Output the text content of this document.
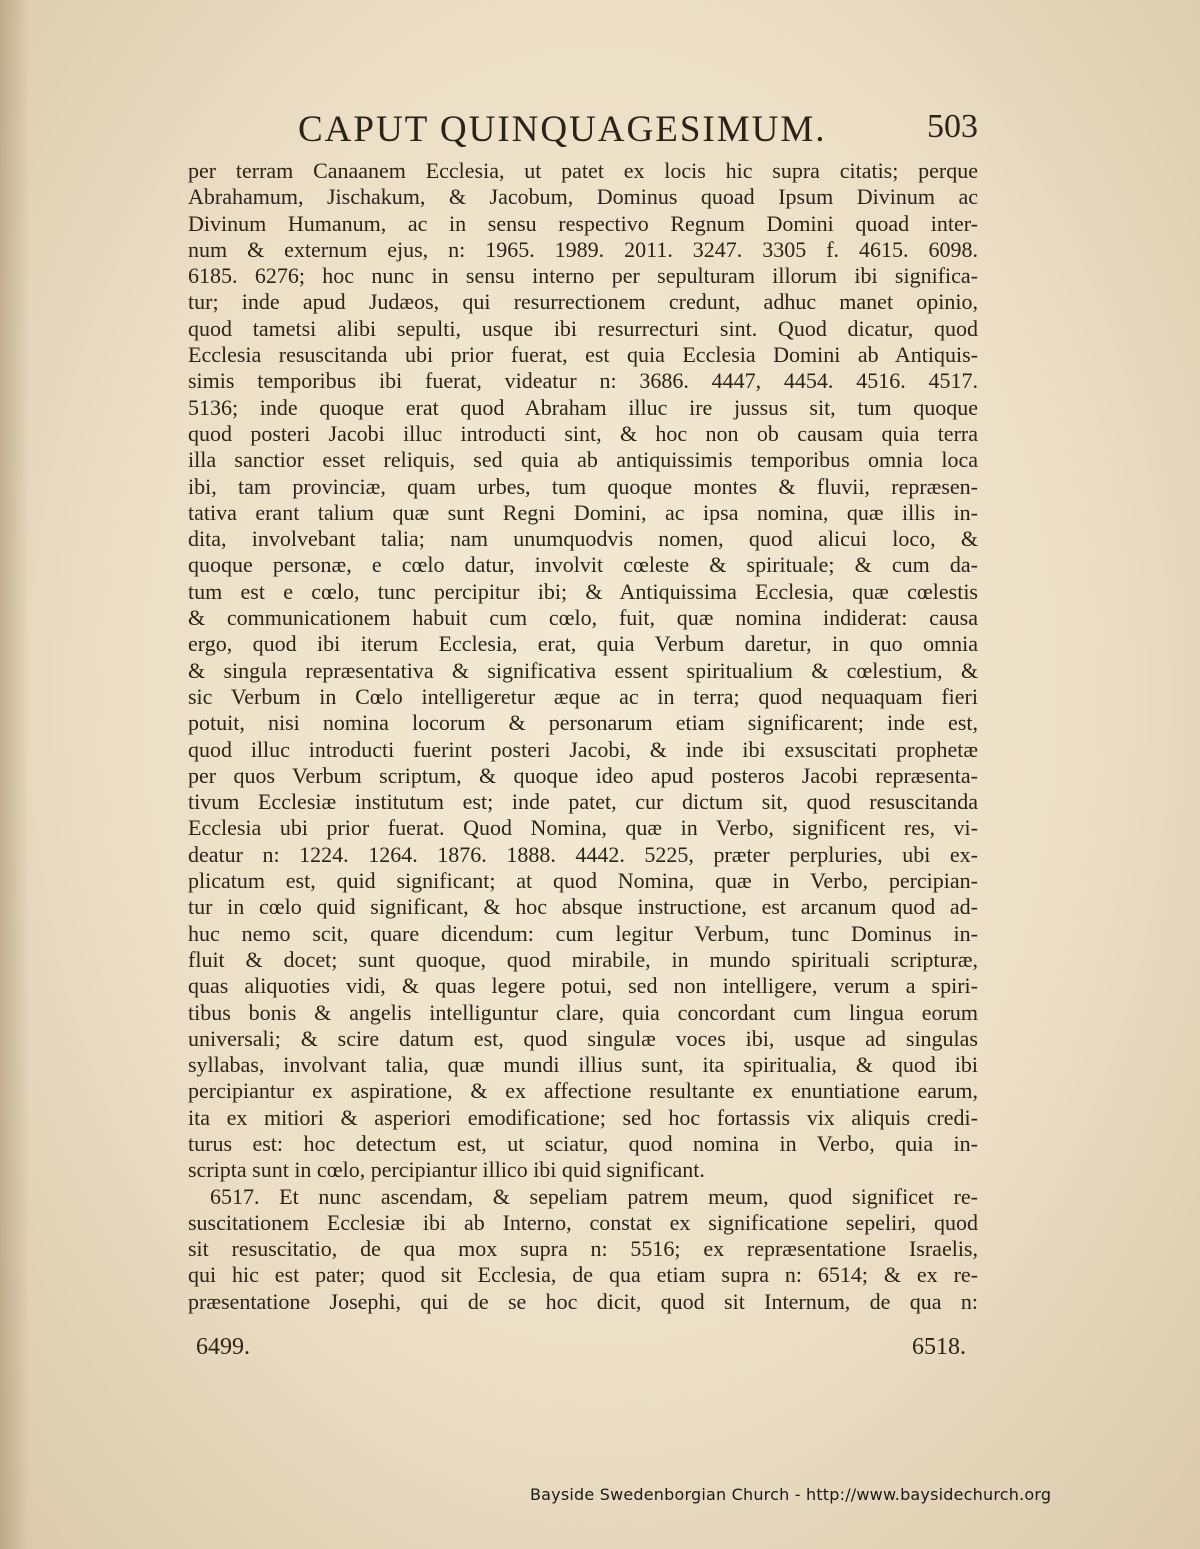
CAPUT QUINQUAGESIMUM.	503
per terram Canaanem Ecclesia, ut patet ex locis hic supra citatis; perque
Abrahamum, Jischakum, & Jacobum, Dominus quoad Ipsum Divinum ac
Divinum Humanum, ac in sensu respectivo Regnum Domini quoad inter-
num & externum ejus, n: 1965. 1989. 2011. 3247. 3305 f. 4615. 6098.
6185. 6276; hoc nunc in sensu interno per sepulturam illorum ibi significa-
tur; inde apud Judæos, qui resurrectionem credunt, adhuc manet opinio,
quod tametsi alibi sepulti, usque ibi resurrecturi sint. Quod dicatur, quod
Ecclesia resuscitanda ubi prior fuerat, est quia Ecclesia Domini ab Antiquis-
simis temporibus ibi fuerat, videatur n: 3686. 4447, 4454. 4516. 4517.
5136; inde quoque erat quod Abraham illuc ire jussus sit, tum quoque
quod posteri Jacobi illuc introducti sint, & hoc non ob causam quia terra
illa sanctior esset reliquis, sed quia ab antiquissimis temporibus omnia loca
ibi, tam provinciæ, quam urbes, tum quoque montes & fluvii, repræsen-
tativa erant talium quæ sunt Regni Domini, ac ipsa nomina, quæ illis in-
dita, involvebant talia; nam unumquodvis nomen, quod alicui loco, &
quoque personæ, e cœlo datur, involvit cœleste & spirituale; & cum da-
tum est e cœlo, tunc percipitur ibi; & Antiquissima Ecclesia, quæ cœlestis
& communicationem habuit cum cœlo, fuit, quæ nomina indiderat: causa
ergo, quod ibi iterum Ecclesia, erat, quia Verbum daretur, in quo omnia
& singula repræsentativa & significativa essent spiritualium & cœlestium, &
sic Verbum in Cœlo intelligeretur æque ac in terra; quod nequaquam fieri
potuit, nisi nomina locorum & personarum etiam significarent; inde est,
quod illuc introducti fuerint posteri Jacobi, & inde ibi exsuscitati prophetæ
per quos Verbum scriptum, & quoque ideo apud posteros Jacobi repræsenta-
tivum Ecclesiæ institutum est; inde patet, cur dictum sit, quod resuscitanda
Ecclesia ubi prior fuerat. Quod Nomina, quæ in Verbo, significent res, vi-
deatur n: 1224. 1264. 1876. 1888. 4442. 5225, præter perpluries, ubi ex-
plicatum est, quid significant; at quod Nomina, quæ in Verbo, percipian-
tur in cœlo quid significant, & hoc absque instructione, est arcanum quod ad-
huc nemo scit, quare dicendum: cum legitur Verbum, tunc Dominus in-
fluit & docet; sunt quoque, quod mirabile, in mundo spirituali scripturæ,
quas aliquoties vidi, & quas legere potui, sed non intelligere, verum a spiri-
tibus bonis & angelis intelliguntur clare, quia concordant cum lingua eorum
universali; & scire datum est, quod singulæ voces ibi, usque ad singulas
syllabas, involvant talia, quæ mundi illius sunt, ita spiritualia, & quod ibi
percipiantur ex aspiratione, & ex affectione resultante ex enuntiatione earum,
ita ex mitiori & asperiori emodificatione; sed hoc fortassis vix aliquis credi-
turus est: hoc detectum est, ut sciatur, quod nomina in Verbo, quia in-
scripta sunt in cœlo, percipiantur illico ibi quid significant.
6517. Et nunc ascendam, & sepeliam patrem meum, quod significet re-
suscitationem Ecclesiæ ibi ab Interno, constat ex significatione sepeliri, quod
sit resuscitatio, de qua mox supra n: 5516; ex repræsentatione Israelis,
qui hic est pater; quod sit Ecclesia, de qua etiam supra n: 6514; & ex re-
præsentatione Josephi, qui de se hoc dicit, quod sit Internum, de qua n:
6499.	6518.
Bayside Swedenborgian Church - http://www.baysidechurch.org
